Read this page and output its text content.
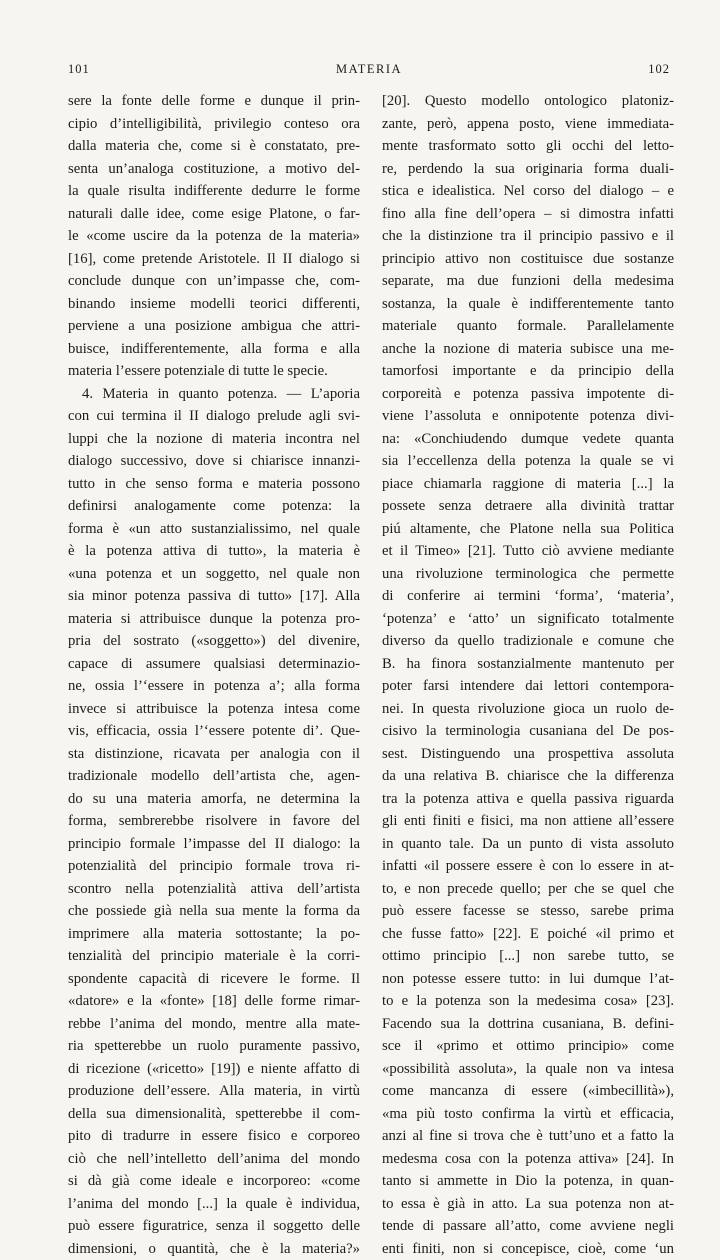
101	MATERIA	102
sere la fonte delle forme e dunque il prin-
cipio d’intelligibilità, privilegio conteso ora
dalla materia che, come si è constatato, pre-
senta un’analoga costituzione, a motivo del-
la quale risulta indifferente dedurre le forme
naturali dalle idee, come esige Platone, o far-
le «come uscire da la potenza de la materia»
[16], come pretende Aristotele. Il II dialogo si
conclude dunque con un’impasse che, com-
binando insieme modelli teorici differenti,
perviene a una posizione ambigua che attri-
buisce, indifferentemente, alla forma e alla
materia l’essere potenziale di tutte le specie.
4. Materia in quanto potenza. — L’aporia
con cui termina il II dialogo prelude agli svi-
luppi che la nozione di materia incontra nel
dialogo successivo, dove si chiarisce innanzi-
tutto in che senso forma e materia possono
definirsi analogamente come potenza: la
forma è «un atto sustanzialissimo, nel quale
è la potenza attiva di tutto», la materia è
«una potenza et un soggetto, nel quale non
sia minor potenza passiva di tutto» [17]. Alla
materia si attribuisce dunque la potenza pro-
pria del sostrato («soggetto») del divenire,
capace di assumere qualsiasi determinazio-
ne, ossia l’‘essere in potenza a’; alla forma
invece si attribuisce la potenza intesa come
vis, efficacia, ossia l’‘essere potente di’. Que-
sta distinzione, ricavata per analogia con il
tradizionale modello dell’artista che, agen-
do su una materia amorfa, ne determina la
forma, sembrerebbe risolvere in favore del
principio formale l’impasse del II dialogo: la
potenzialità del principio formale trova ri-
scontro nella potenzialità attiva dell’artista
che possiede già nella sua mente la forma da
imprimere alla materia sottostante; la po-
tenzialità del principio materiale è la corri-
spondente capacità di ricevere le forme. Il
«datore» e la «fonte» [18] delle forme rimar-
rebbe l’anima del mondo, mentre alla mate-
ria spetterebbe un ruolo puramente passivo,
di ricezione («ricetto» [19]) e niente affatto di
produzione dell’essere. Alla materia, in virtù
della sua dimensionalità, spetterebbe il com-
pito di tradurre in essere fisico e corporeo
ciò che nell’intelletto dell’anima del mondo
si dà già come ideale e incorporeo: «come
l’anima del mondo [...] la quale è individua,
può essere figuratrice, senza il soggetto delle
dimensioni, o quantità, che è la materia?»
[20]. Questo modello ontologico platoniz-
zante, però, appena posto, viene immediata-
mente trasformato sotto gli occhi del letto-
re, perdendo la sua originaria forma duali-
stica e idealistica. Nel corso del dialogo – e
fino alla fine dell’opera – si dimostra infatti
che la distinzione tra il principio passivo e il
principio attivo non costituisce due sostanze
separate, ma due funzioni della medesima
sostanza, la quale è indifferentemente tanto
materiale quanto formale. Parallelamente
anche la nozione di materia subisce una me-
tamorfosi importante e da principio della
corporeità e potenza passiva impotente di-
viene l’assoluta e onnipotente potenza divi-
na: «Conchiudendo dumque vedete quanta
sia l’eccellenza della potenza la quale se vi
piace chiamarla raggione di materia [...] la
possete senza detraere alla divinità trattar
piú altamente, che Platone nella sua Politica
et il Timeo» [21]. Tutto ciò avviene mediante
una rivoluzione terminologica che permette
di conferire ai termini ‘forma’, ‘materia’,
‘potenza’ e ‘atto’ un significato totalmente
diverso da quello tradizionale e comune che
B. ha finora sostanzialmente mantenuto per
poter farsi intendere dai lettori contempora-
nei. In questa rivoluzione gioca un ruolo de-
cisivo la terminologia cusaniana del De pos-
sest. Distinguendo una prospettiva assoluta
da una relativa B. chiarisce che la differenza
tra la potenza attiva e quella passiva riguarda
gli enti finiti e fisici, ma non attiene all’essere
in quanto tale. Da un punto di vista assoluto
infatti «il possere essere è con lo essere in at-
to, e non precede quello; per che se quel che
può essere facesse se stesso, sarebe prima
che fusse fatto» [22]. E poiché «il primo et
ottimo principio [...] non sarebe tutto, se
non potesse essere tutto: in lui dumque l’at-
to e la potenza son la medesima cosa» [23].
Facendo sua la dottrina cusaniana, B. defini-
sce il «primo et ottimo principio» come
«possibilità assoluta», la quale non va intesa
come mancanza di essere («imbecillità»),
«ma più tosto confirma la virtù et efficacia,
anzi al fine si trova che è tutt’uno et a fatto la
medesma cosa con la potenza attiva» [24]. In
tanto si ammette in Dio la potenza, in quan-
to essa è già in atto. La sua potenza non at-
tende di passare all’atto, come avviene negli
enti finiti, non si concepisce, cioè, come ‘un
